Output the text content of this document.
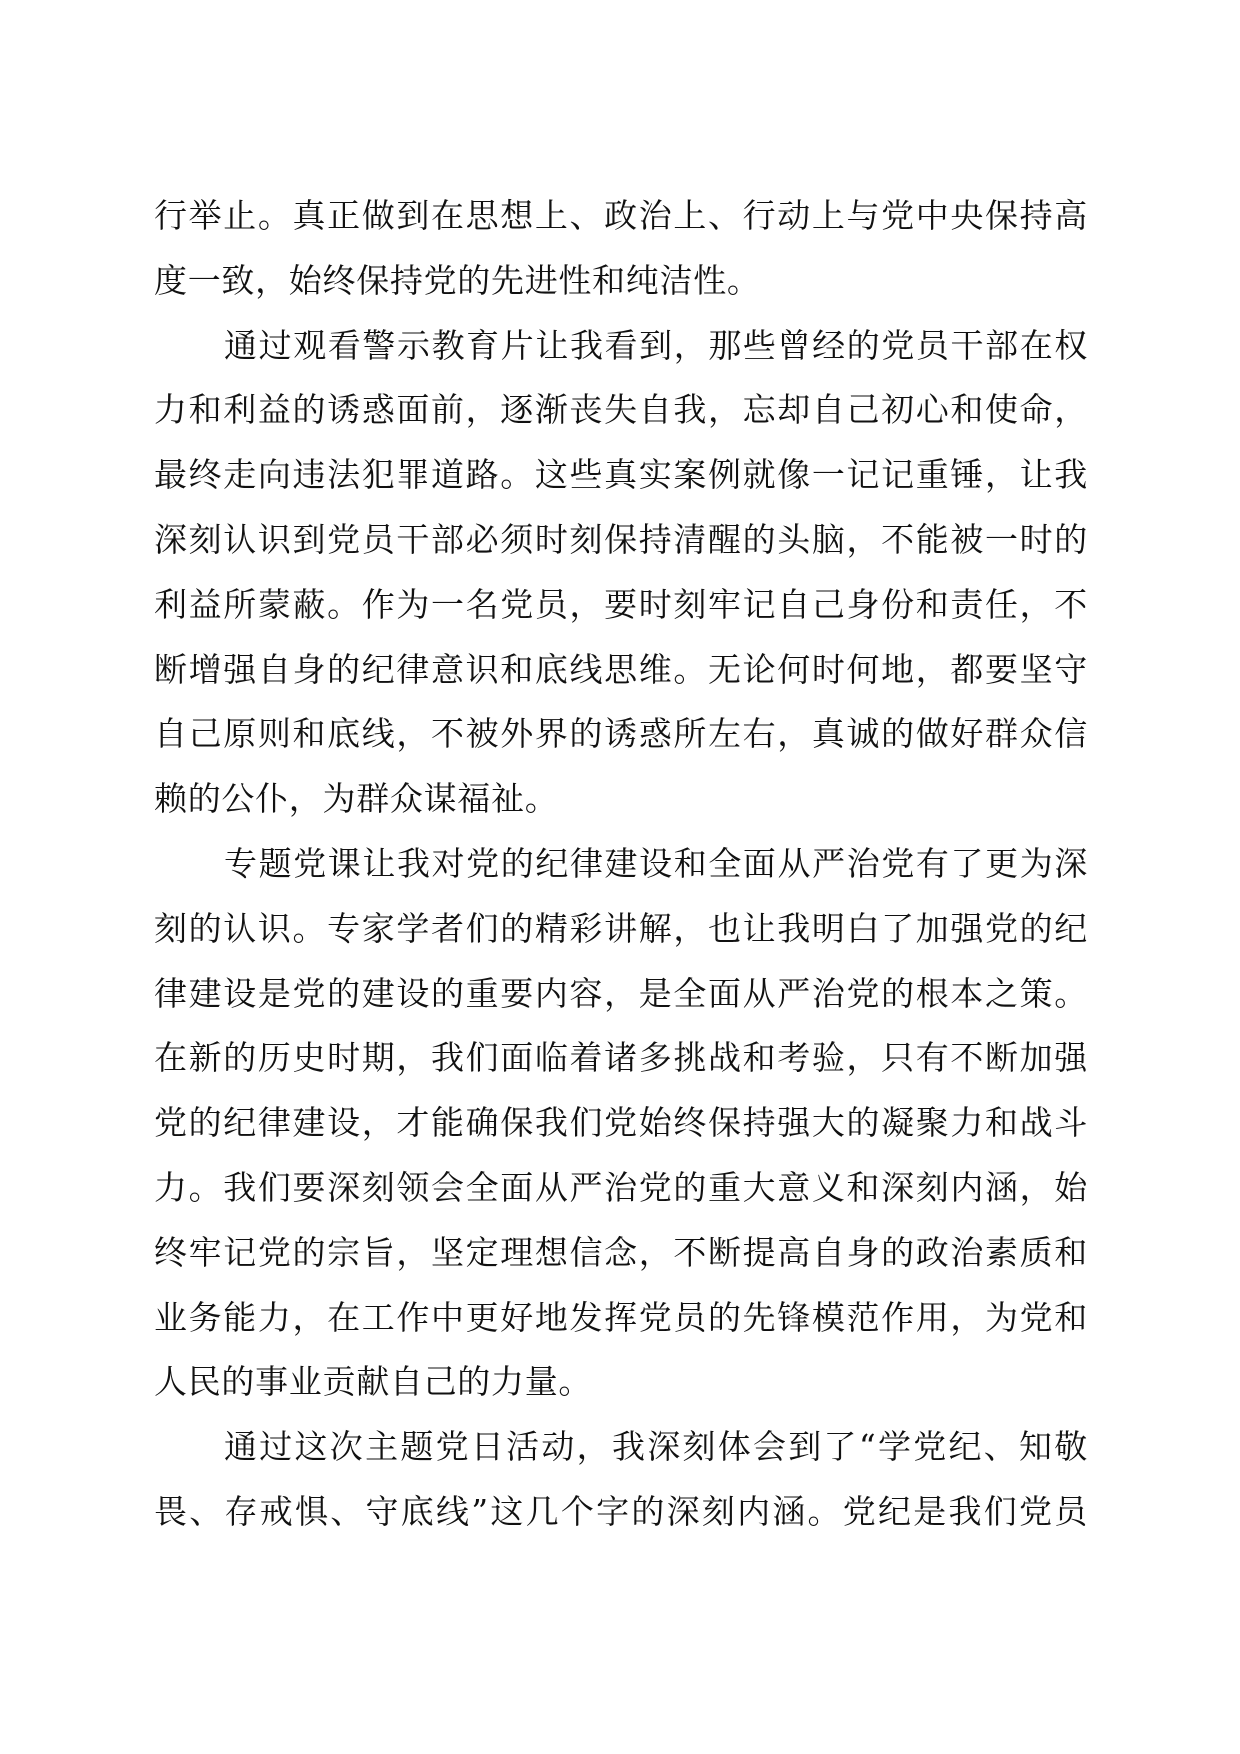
行举止。真正做到在思想上、政治上、行动上与党中央保持高
度一致，始终保持党的先进性和纯洁性。
通过观看警示教育片让我看到，那些曾经的党员干部在权
力和利益的诱惑面前，逐渐丧失自我，忘却自己初心和使命，
最终走向违法犯罪道路。这些真实案例就像一记记重锤，让我
深刻认识到党员干部必须时刻保持清醒的头脑，不能被一时的
利益所蒙蔽。作为一名党员，要时刻牢记自己身份和责任，不
断增强自身的纪律意识和底线思维。无论何时何地，都要坚守
自己原则和底线，不被外界的诱惑所左右，真诚的做好群众信
赖的公仆，为群众谋福祉。
专题党课让我对党的纪律建设和全面从严治党有了更为深
刻的认识。专家学者们的精彩讲解，也让我明白了加强党的纪
律建设是党的建设的重要内容，是全面从严治党的根本之策。
在新的历史时期，我们面临着诸多挑战和考验，只有不断加强
党的纪律建设，才能确保我们党始终保持强大的凝聚力和战斗
力。我们要深刻领会全面从严治党的重大意义和深刻内涵，始
终牢记党的宗旨，坚定理想信念，不断提高自身的政治素质和
业务能力，在工作中更好地发挥党员的先锋模范作用，为党和
人民的事业贡献自己的力量。
通过这次主题党日活动，我深刻体会到了“学党纪、知敬
畏、存戒惧、守底线”这几个字的深刻内涵。党纪是我们党员
